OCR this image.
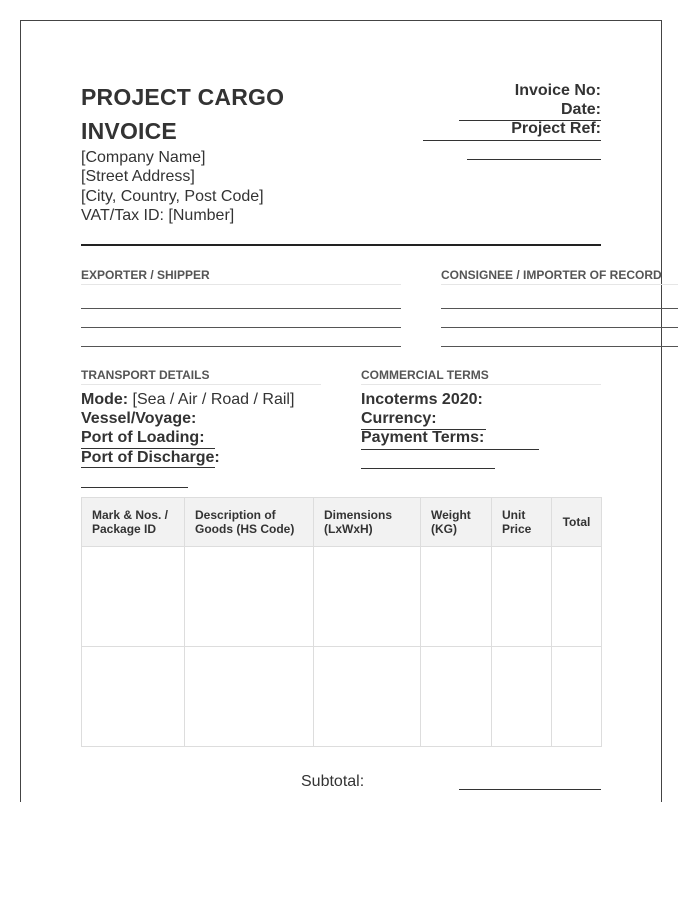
PROJECT CARGO
INVOICE
[Company Name]
[Street Address]
[City, Country, Post Code]
VAT/Tax ID: [Number]
Invoice No:
Date:
Project Ref:
EXPORTER / SHIPPER	CONSIGNEE / IMPORTER OF RECORD
TRANSPORT DETAILS
Mode: [Sea / Air / Road / Rail]
Vessel/Voyage:
Port of Loading:
Port of Discharge:
COMMERCIAL TERMS
Incoterms 2020:
Currency:
Payment Terms:
Mark & Nos. / Package ID	Description of Goods (HS Code)	Dimensions (LxWxH)	Weight (KG)	Unit Price	Total

Subtotal:
